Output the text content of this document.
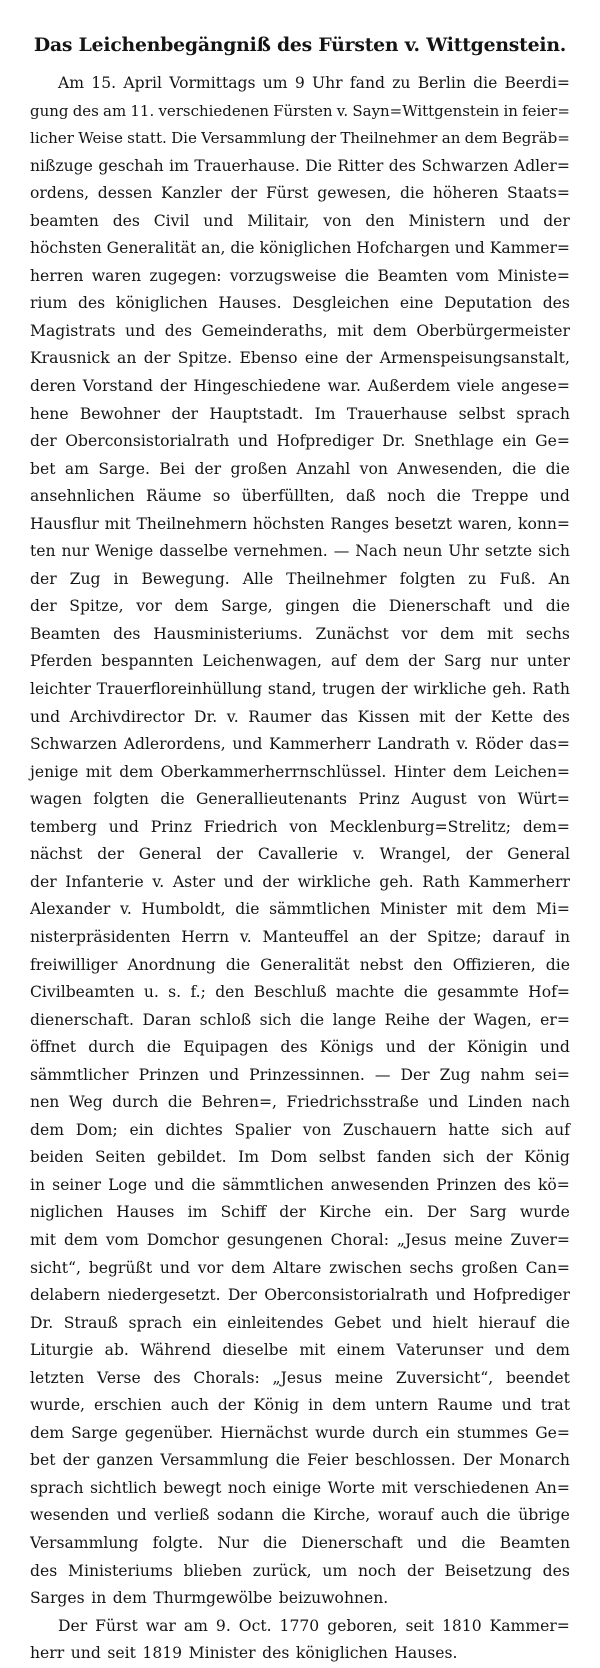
Das Leichenbegängniß des Fürsten v. Wittgenstein.
Am 15. April Vormittags um 9 Uhr fand zu Berlin die Beerdi=
gung des am 11. verschiedenen Fürsten v. Sayn=Wittgenstein in feier=
licher Weise statt. Die Versammlung der Theilnehmer an dem Begräb=
nißzuge geschah im Trauerhause. Die Ritter des Schwarzen Adler=
ordens, dessen Kanzler der Fürst gewesen, die höheren Staats=
beamten des Civil und Militair, von den Ministern und der
höchsten Generalität an, die königlichen Hofchargen und Kammer=
herren waren zugegen: vorzugsweise die Beamten vom Ministe=
rium des königlichen Hauses. Desgleichen eine Deputation des
Magistrats und des Gemeinderaths, mit dem Oberbürgermeister
Krausnick an der Spitze. Ebenso eine der Armenspeisungsanstalt,
deren Vorstand der Hingeschiedene war. Außerdem viele angese=
hene Bewohner der Hauptstadt. Im Trauerhause selbst sprach
der Oberconsistorialrath und Hofprediger Dr. Snethlage ein Ge=
bet am Sarge. Bei der großen Anzahl von Anwesenden, die die
ansehnlichen Räume so überfüllten, daß noch die Treppe und
Hausflur mit Theilnehmern höchsten Ranges besetzt waren, konn=
ten nur Wenige dasselbe vernehmen. — Nach neun Uhr setzte sich
der Zug in Bewegung. Alle Theilnehmer folgten zu Fuß. An
der Spitze, vor dem Sarge, gingen die Dienerschaft und die
Beamten des Hausministeriums. Zunächst vor dem mit sechs
Pferden bespannten Leichenwagen, auf dem der Sarg nur unter
leichter Trauerfloreinhüllung stand, trugen der wirkliche geh. Rath
und Archivdirector Dr. v. Raumer das Kissen mit der Kette des
Schwarzen Adlerordens, und Kammerherr Landrath v. Röder das=
jenige mit dem Oberkammerherrnschlüssel. Hinter dem Leichen=
wagen folgten die Generallieutenants Prinz August von Würt=
temberg und Prinz Friedrich von Mecklenburg=Strelitz; dem=
nächst der General der Cavallerie v. Wrangel, der General
der Infanterie v. Aster und der wirkliche geh. Rath Kammerherr
Alexander v. Humboldt, die sämmtlichen Minister mit dem Mi=
nisterpräsidenten Herrn v. Manteuffel an der Spitze; darauf in
freiwilliger Anordnung die Generalität nebst den Offizieren, die
Civilbeamten u. s. f.; den Beschluß machte die gesammte Hof=
dienerschaft. Daran schloß sich die lange Reihe der Wagen, er=
öffnet durch die Equipagen des Königs und der Königin und
sämmtlicher Prinzen und Prinzessinnen. — Der Zug nahm sei=
nen Weg durch die Behren=, Friedrichsstraße und Linden nach
dem Dom; ein dichtes Spalier von Zuschauern hatte sich auf
beiden Seiten gebildet. Im Dom selbst fanden sich der König
in seiner Loge und die sämmtlichen anwesenden Prinzen des kö=
niglichen Hauses im Schiff der Kirche ein. Der Sarg wurde
mit dem vom Domchor gesungenen Choral: „Jesus meine Zuver=
sicht“, begrüßt und vor dem Altare zwischen sechs großen Can=
delabern niedergesetzt. Der Oberconsistorialrath und Hofprediger
Dr. Strauß sprach ein einleitendes Gebet und hielt hierauf die
Liturgie ab. Während dieselbe mit einem Vaterunser und dem
letzten Verse des Chorals: „Jesus meine Zuversicht“, beendet
wurde, erschien auch der König in dem untern Raume und trat
dem Sarge gegenüber. Hiernächst wurde durch ein stummes Ge=
bet der ganzen Versammlung die Feier beschlossen. Der Monarch
sprach sichtlich bewegt noch einige Worte mit verschiedenen An=
wesenden und verließ sodann die Kirche, worauf auch die übrige
Versammlung folgte. Nur die Dienerschaft und die Beamten
des Ministeriums blieben zurück, um noch der Beisetzung des
Sarges in dem Thurmgewölbe beizuwohnen.
Der Fürst war am 9. Oct. 1770 geboren, seit 1810 Kammer=
herr und seit 1819 Minister des königlichen Hauses.
